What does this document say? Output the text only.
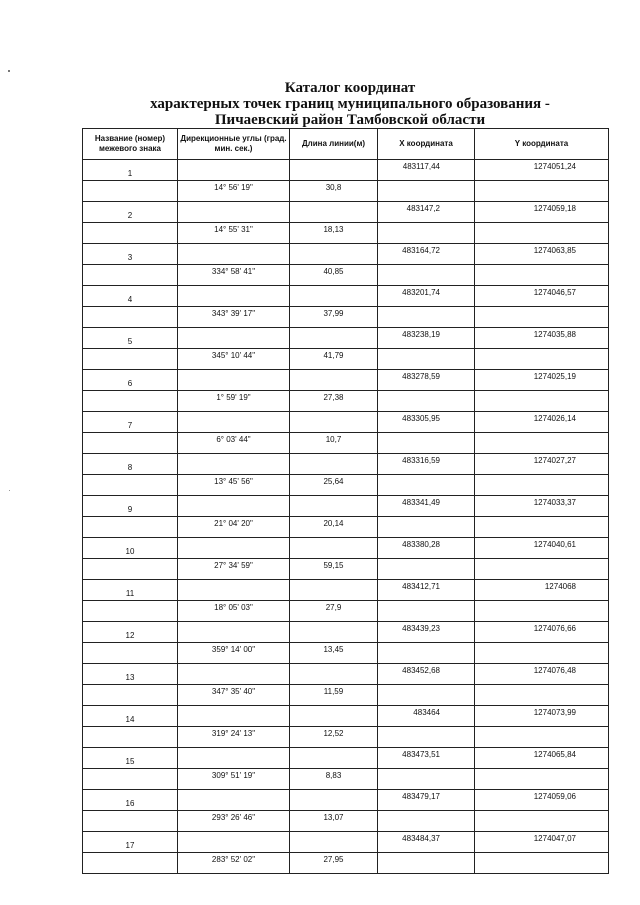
Каталог координат
характерных точек границ муниципального образования -
Пичаевский район Тамбовской области
Название (номер) межевого знака	Дирекционные углы (град. мин. сек.)	Длина линии(м)	X координата	Y координата
1			483117,44	1274051,24
	14° 56' 19"	30,8		
2			483147,2	1274059,18
	14° 55' 31"	18,13		
3			483164,72	1274063,85
	334° 58' 41"	40,85		
4			483201,74	1274046,57
	343° 39' 17"	37,99		
5			483238,19	1274035,88
	345° 10' 44"	41,79		
6			483278,59	1274025,19
	1° 59' 19"	27,38		
7			483305,95	1274026,14
	6° 03' 44"	10,7		
8			483316,59	1274027,27
	13° 45' 56"	25,64		
9			483341,49	1274033,37
	21° 04' 20"	20,14		
10			483380,28	1274040,61
	27° 34' 59"	59,15		
11			483412,71	1274068
	18° 05' 03"	27,9		
12			483439,23	1274076,66
	359° 14' 00"	13,45		
13			483452,68	1274076,48
	347° 35' 40"	11,59		
14			483464	1274073,99
	319° 24' 13"	12,52		
15			483473,51	1274065,84
	309° 51' 19"	8,83		
16			483479,17	1274059,06
	293° 26' 46"	13,07		
17			483484,37	1274047,07
	283° 52' 02"	27,95		
